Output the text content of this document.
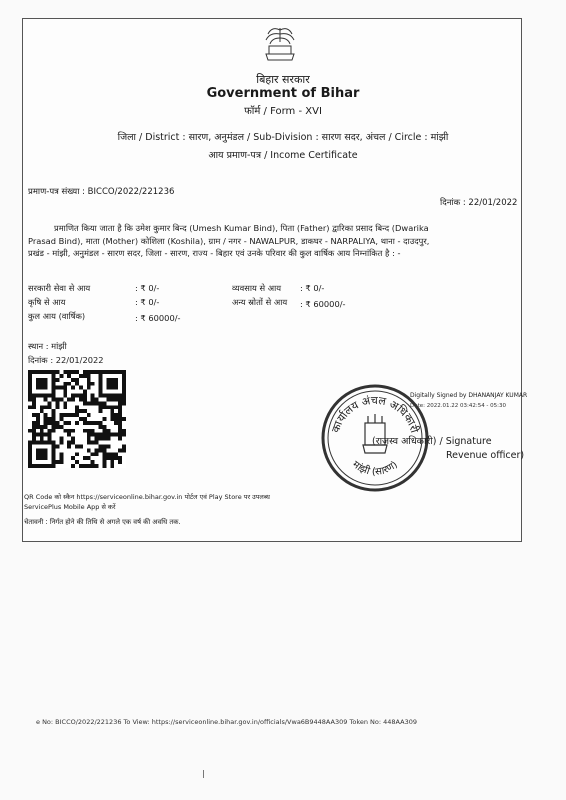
बिहार सरकार
Government of Bihar
फॉर्म / Form - XVI
जिला / District : सारण, अनुमंडल / Sub-Division : सारण सदर, अंचल / Circle : मांझी
आय प्रमाण-पत्र / Income Certificate
प्रमाण-पत्र संख्या : BICCO/2022/221236
दिनांक : 22/01/2022
प्रमाणित किया जाता है कि उमेश कुमार बिन्द (Umesh Kumar Bind), पिता (Father) द्वारिका प्रसाद बिन्द (Dwarika
Prasad Bind), माता (Mother) कोशिला (Koshila), ग्राम / नगर - NAWALPUR, डाकघर - NARPALIYA, थाना - दाउदपुर,
प्रखंड - मांझी, अनुमंडल - सारण सदर, जिला - सारण, राज्य - बिहार एवं उनके परिवार की कुल वार्षिक आय निम्नांकित है : -
सरकारी सेवा से आय	: ₹ 0/-	व्यवसाय से आय : ₹ 0/-
कृषि से आय	: ₹ 0/-	अन्य स्रोतों से आय : ₹ 60000/-
कुल आय (वार्षिक)	: ₹ 60000/-
स्थान : मांझी
दिनांक : 22/01/2022
QR Code को स्कैन https://serviceonline.bihar.gov.in पोर्टल एवं Play Store पर उपलब्ध
ServicePlus Mobile App से करें
चेतावनी : निर्गत होने की तिथि से अगले एक वर्ष की अवधि तक.
कार्यालय अंचल अधिकारी
मांझी (सारण)
Digitally Signed by DHANANJAY KUMAR
Date: 2022.01.22 03:42:54 - 05:30
(राजस्व अधिकारी) / Signature
Revenue officer)
e No: BICCO/2022/221236 To View: https://serviceonline.bihar.gov.in/officials/Vwa6B9448AA309 Token No: 448AA309
